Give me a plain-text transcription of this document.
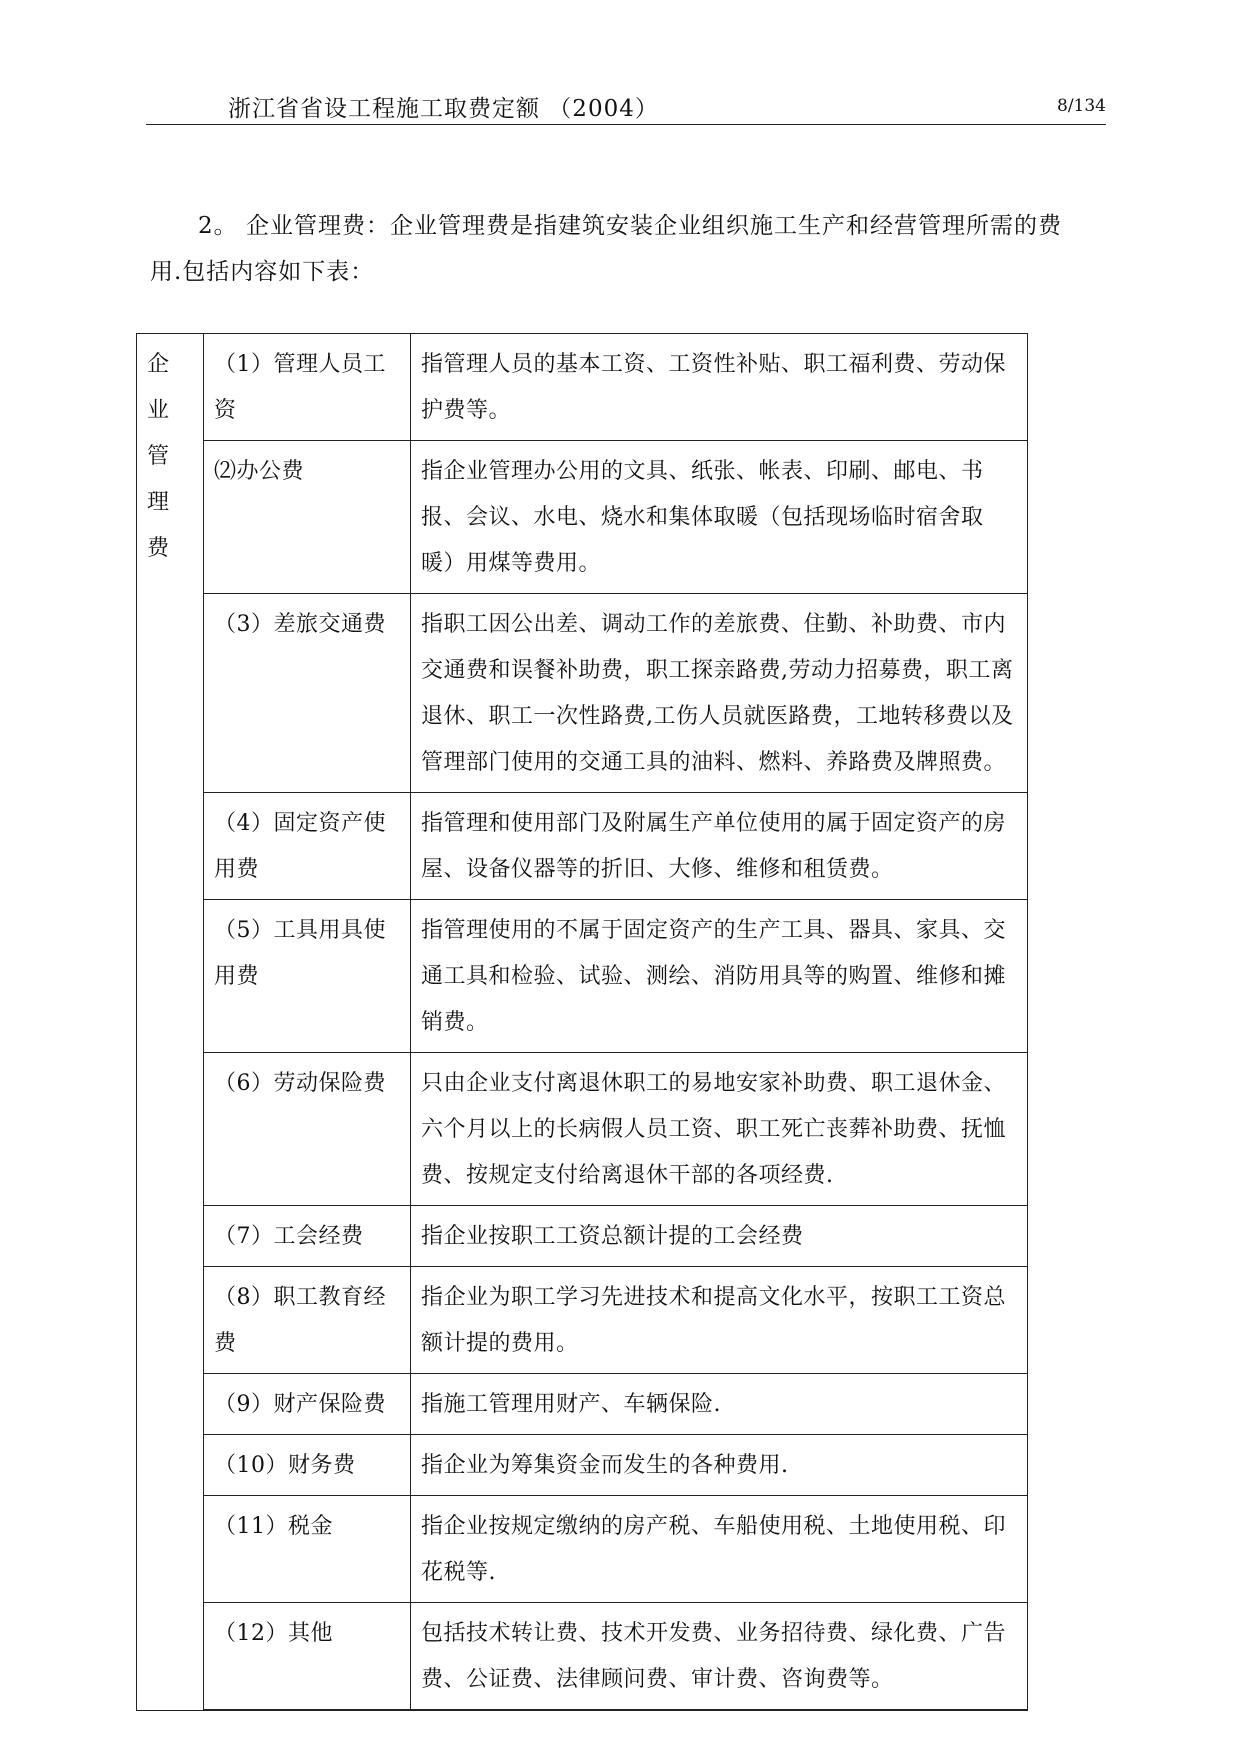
浙江省省设工程施工取费定额 （2004）	8/134
2。 企业管理费：企业管理费是指建筑安装企业组织施工生产和经营管理所需的费
用.包括内容如下表：
企业管理费	（1）管理人员工资	指管理人员的基本工资、工资性补贴、职工福利费、劳动保护费等。
	⑵办公费	指企业管理办公用的文具、纸张、帐表、印刷、邮电、书报、会议、水电、烧水和集体取暖（包括现场临时宿舍取暖）用煤等费用。
	（3）差旅交通费	指职工因公出差、调动工作的差旅费、住勤、补助费、市内交通费和误餐补助费，职工探亲路费,劳动力招募费，职工离退休、职工一次性路费,工伤人员就医路费，工地转移费以及管理部门使用的交通工具的油料、燃料、养路费及牌照费。
	（4）固定资产使用费	指管理和使用部门及附属生产单位使用的属于固定资产的房屋、设备仪器等的折旧、大修、维修和租赁费。
	（5）工具用具使用费	指管理使用的不属于固定资产的生产工具、器具、家具、交通工具和检验、试验、测绘、消防用具等的购置、维修和摊销费。
	（6）劳动保险费	只由企业支付离退休职工的易地安家补助费、职工退休金、六个月以上的长病假人员工资、职工死亡丧葬补助费、抚恤费、按规定支付给离退休干部的各项经费.
	（7）工会经费	指企业按职工工资总额计提的工会经费
	（8）职工教育经费	指企业为职工学习先进技术和提高文化水平，按职工工资总额计提的费用。
	（9）财产保险费	指施工管理用财产、车辆保险.
	（10）财务费	指企业为筹集资金而发生的各种费用.
	（11）税金	指企业按规定缴纳的房产税、车船使用税、土地使用税、印花税等.
	（12）其他	包括技术转让费、技术开发费、业务招待费、绿化费、广告费、公证费、法律顾问费、审计费、咨询费等。
